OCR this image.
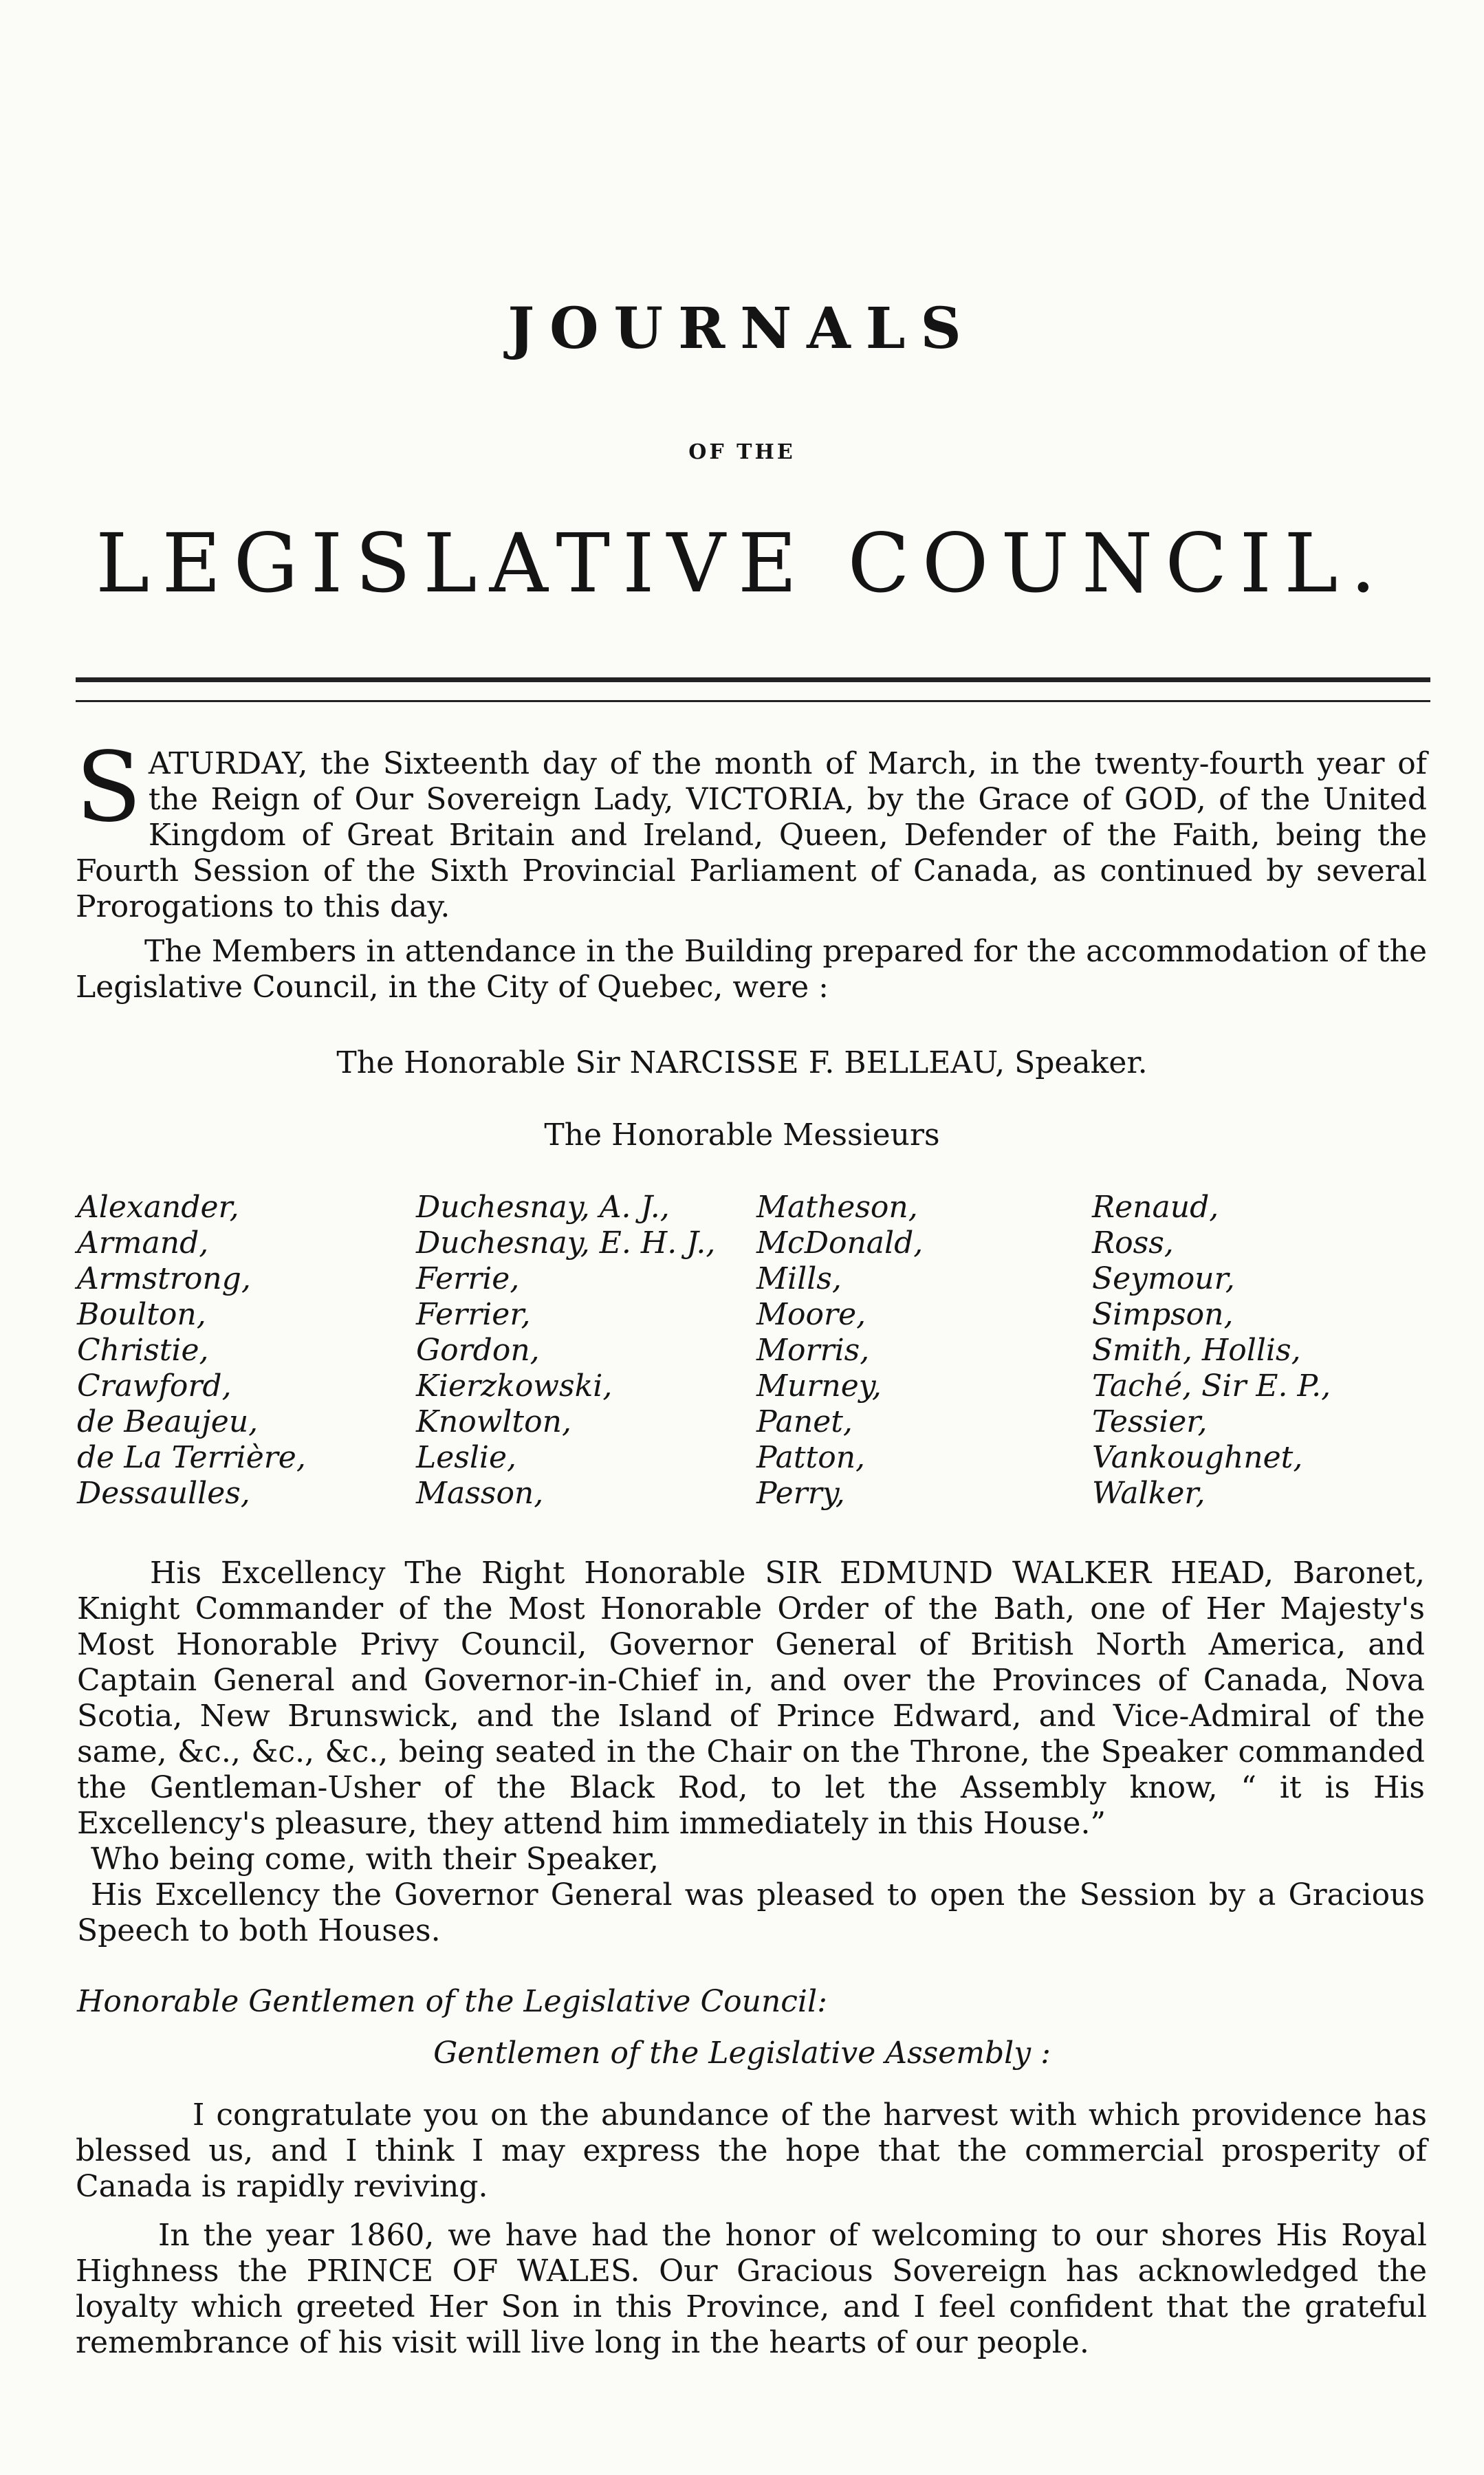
JOURNALS
OF THE
LEGISLATIVE COUNCIL.
S ATURDAY, the Sixteenth day of the month of March, in the twenty-fourth year of the Reign of Our Sovereign Lady, VICTORIA, by the Grace of GOD, of the United Kingdom of Great Britain and Ireland, Queen, Defender of the Faith, being the Fourth Session of the Sixth Provincial Parliament of Canada, as continued by several Prorogations to this day.
The Members in attendance in the Building prepared for the accommodation of the Legislative Council, in the City of Quebec, were :
The Honorable Sir NARCISSE F. BELLEAU, Speaker.
The Honorable Messieurs
Alexander,
Armand,
Armstrong,
Boulton,
Christie,
Crawford,
de Beaujeu,
de La Terrière,
Dessaulles,
Duchesnay, A. J.,
Duchesnay, E. H. J.,
Ferrie,
Ferrier,
Gordon,
Kierzkowski,
Knowlton,
Leslie,
Masson,
Matheson,
McDonald,
Mills,
Moore,
Morris,
Murney,
Panet,
Patton,
Perry,
Renaud,
Ross,
Seymour,
Simpson,
Smith, Hollis,
Taché, Sir E. P.,
Tessier,
Vankoughnet,
Walker,

His Excellency The Right Honorable SIR EDMUND WALKER HEAD, Baronet, Knight Commander of the Most Honorable Order of the Bath, one of Her Majesty's Most Honorable Privy Council, Governor General of British North America, and Captain General and Governor-in-Chief in, and over the Provinces of Canada, Nova Scotia, New Brunswick, and the Island of Prince Edward, and Vice-Admiral of the same, &c., &c., &c., being seated in the Chair on the Throne, the Speaker commanded the Gentleman-Usher of the Black Rod, to let the Assembly know, “ it is His Excellency's pleasure, they attend him immediately in this House.”

Who being come, with their Speaker,

His Excellency the Governor General was pleased to open the Session by a Gracious Speech to both Houses.

Honorable Gentlemen of the Legislative Council:
Gentlemen of the Legislative Assembly :
I congratulate you on the abundance of the harvest with which providence has blessed us, and I think I may express the hope that the commercial prosperity of Canada is rapidly reviving.
In the year 1860, we have had the honor of welcoming to our shores His Royal Highness the PRINCE OF WALES. Our Gracious Sovereign has acknowledged the loyalty which greeted Her Son in this Province, and I feel confident that the grateful remembrance of his visit will live long in the hearts of our people.
